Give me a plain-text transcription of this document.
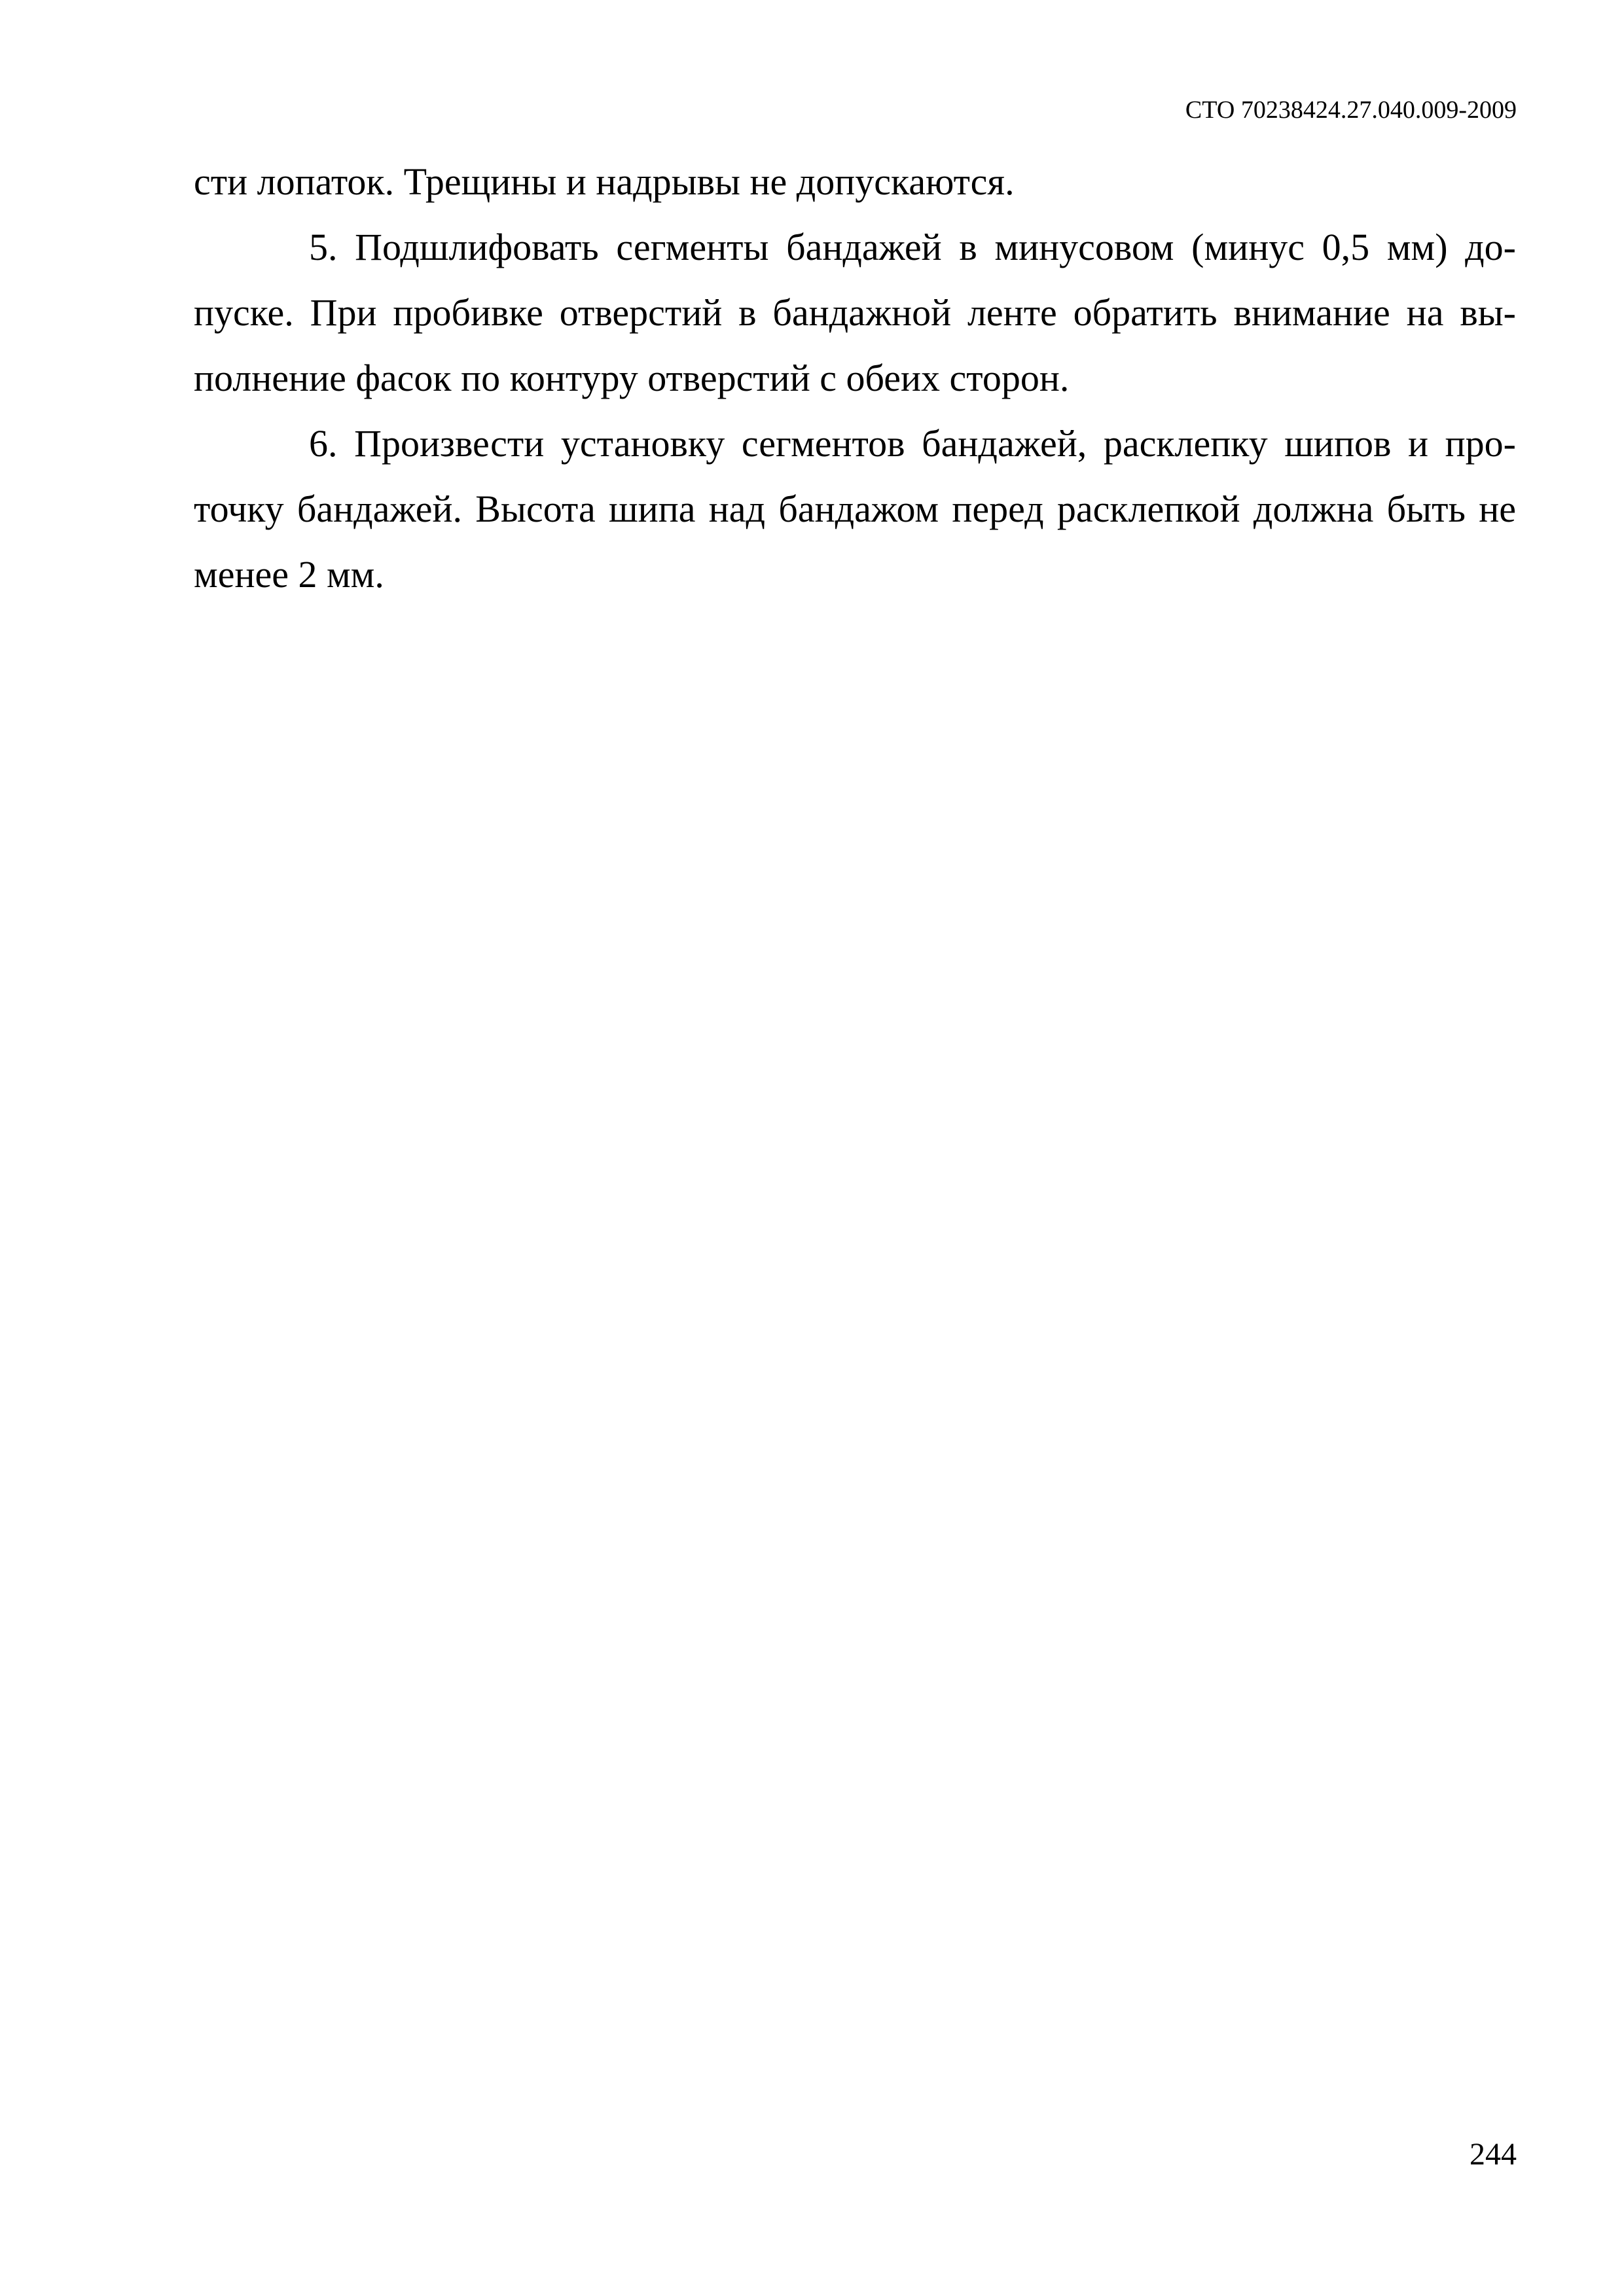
СТО 70238424.27.040.009-2009
сти лопаток. Трещины и надрывы не допускаются.
5. Подшлифовать сегменты бандажей в минусовом (минус 0,5 мм) до-
пуске. При пробивке отверстий в бандажной ленте обратить внимание на вы-
полнение фасок по контуру отверстий с обеих сторон.
6. Произвести установку сегментов бандажей, расклепку шипов и про-
точку бандажей. Высота шипа над бандажом перед расклепкой должна быть не
менее 2 мм.
244
